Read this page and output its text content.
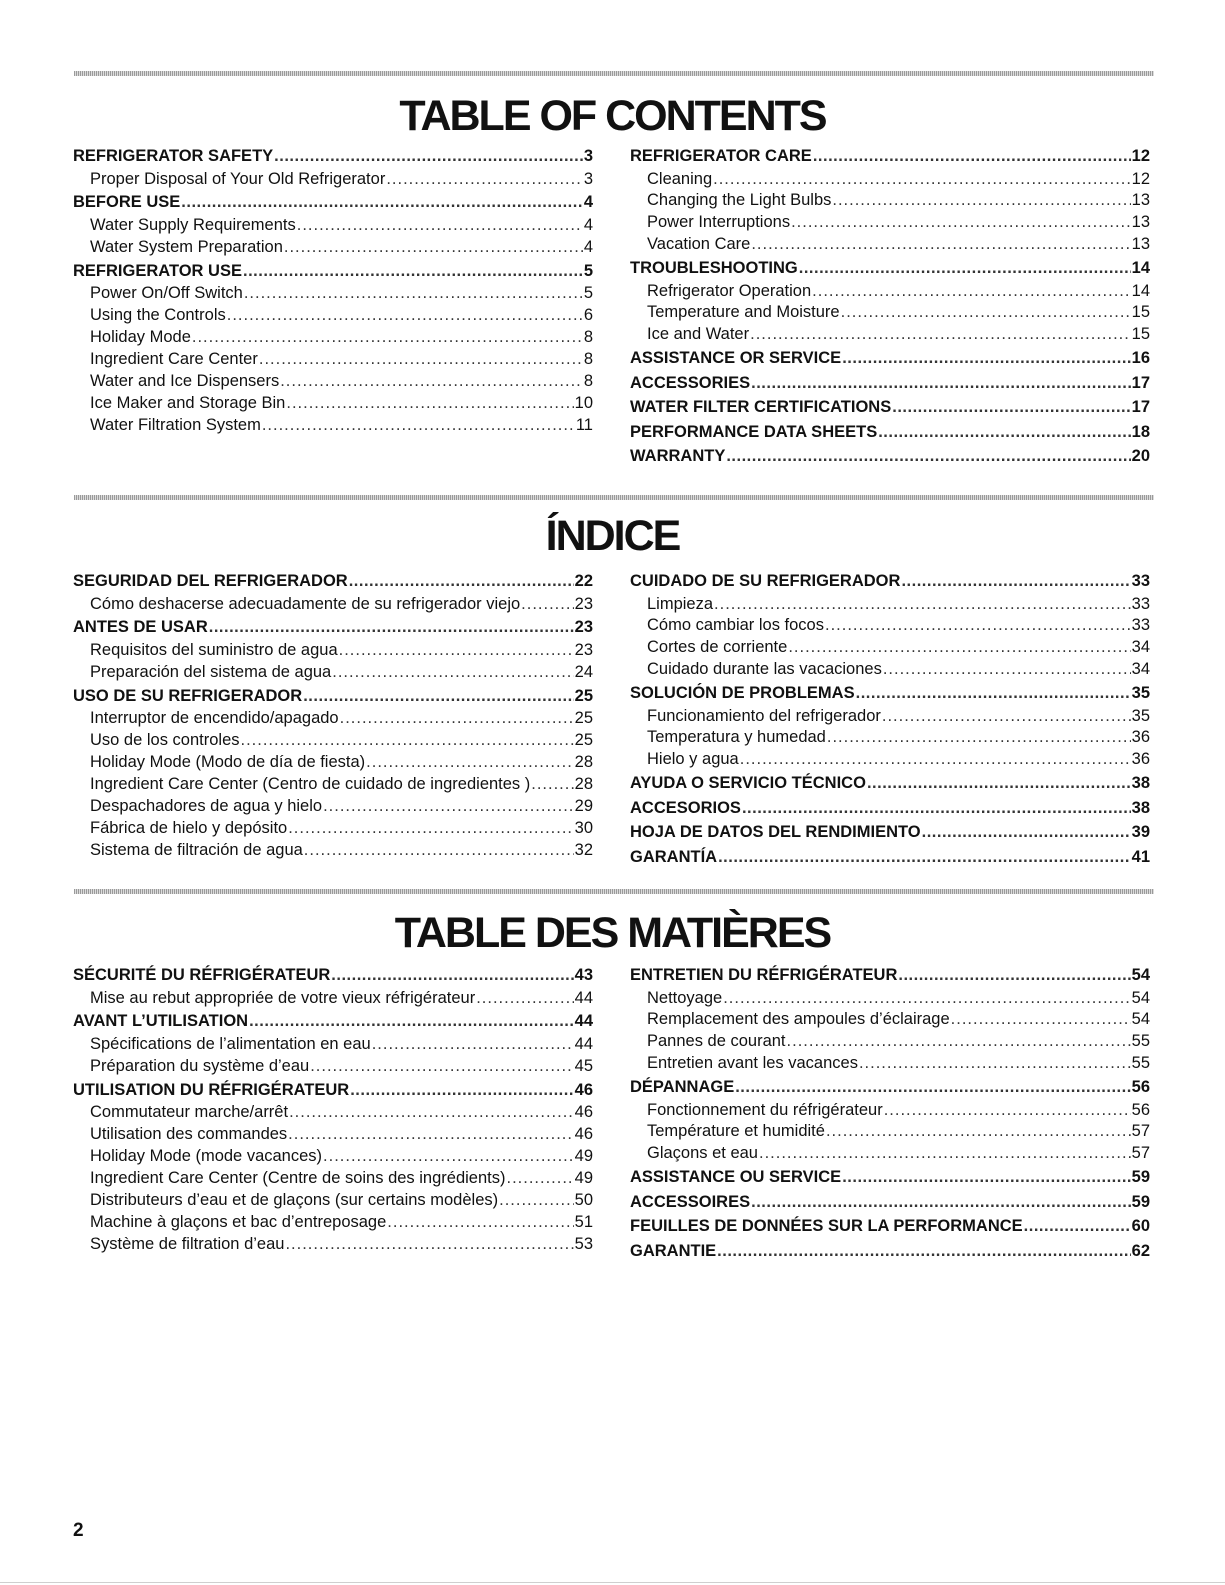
TABLE OF CONTENTS
REFRIGERATOR SAFETY .....	3
Proper Disposal of Your Old Refrigerator .....	3
BEFORE USE .....	4
Water Supply Requirements .....	4
Water System Preparation .....	4
REFRIGERATOR USE .....	5
Power On/Off Switch .....	5
Using the Controls .....	6
Holiday Mode .....	8
Ingredient Care Center .....	8
Water and Ice Dispensers .....	8
Ice Maker and Storage Bin .....	10
Water Filtration System .....	11
REFRIGERATOR CARE .....	12
Cleaning .....	12
Changing the Light Bulbs .....	13
Power Interruptions .....	13
Vacation Care .....	13
TROUBLESHOOTING .....	14
Refrigerator Operation .....	14
Temperature and Moisture .....	15
Ice and Water .....	15
ASSISTANCE OR SERVICE .....	16
ACCESSORIES .....	17
WATER FILTER CERTIFICATIONS .....	17
PERFORMANCE DATA SHEETS .....	18
WARRANTY .....	20
ÍNDICE
SEGURIDAD DEL REFRIGERADOR .....	22
Cómo deshacerse adecuadamente de su refrigerador viejo .....	23
ANTES DE USAR .....	23
Requisitos del suministro de agua .....	23
Preparación del sistema de agua .....	24
USO DE SU REFRIGERADOR .....	25
Interruptor de encendido/apagado .....	25
Uso de los controles .....	25
Holiday Mode (Modo de día de fiesta) .....	28
Ingredient Care Center (Centro de cuidado de ingredientes ) .....	28
Despachadores de agua y hielo .....	29
Fábrica de hielo y depósito .....	30
Sistema de filtración de agua .....	32
CUIDADO DE SU REFRIGERADOR .....	33
Limpieza .....	33
Cómo cambiar los focos .....	33
Cortes de corriente .....	34
Cuidado durante las vacaciones .....	34
SOLUCIÓN DE PROBLEMAS .....	35
Funcionamiento del refrigerador .....	35
Temperatura y humedad .....	36
Hielo y agua .....	36
AYUDA O SERVICIO TÉCNICO .....	38
ACCESORIOS .....	38
HOJA DE DATOS DEL RENDIMIENTO .....	39
GARANTÍA .....	41
TABLE DES MATIÈRES
SÉCURITÉ DU RÉFRIGÉRATEUR .....	43
Mise au rebut appropriée de votre vieux réfrigérateur .....	44
AVANT L’UTILISATION .....	44
Spécifications de l’alimentation en eau .....	44
Préparation du système d’eau .....	45
UTILISATION DU RÉFRIGÉRATEUR .....	46
Commutateur marche/arrêt .....	46
Utilisation des commandes .....	46
Holiday Mode (mode vacances) .....	49
Ingredient Care Center (Centre de soins des ingrédients) .....	49
Distributeurs d’eau et de glaçons (sur certains modèles) .....	50
Machine à glaçons et bac d’entreposage .....	51
Système de filtration d’eau .....	53
ENTRETIEN DU RÉFRIGÉRATEUR .....	54
Nettoyage .....	54
Remplacement des ampoules d’éclairage .....	54
Pannes de courant .....	55
Entretien avant les vacances .....	55
DÉPANNAGE .....	56
Fonctionnement du réfrigérateur .....	56
Température et humidité .....	57
Glaçons et eau .....	57
ASSISTANCE OU SERVICE .....	59
ACCESSOIRES .....	59
FEUILLES DE DONNÉES SUR LA PERFORMANCE .....	60
GARANTIE .....	62
2
